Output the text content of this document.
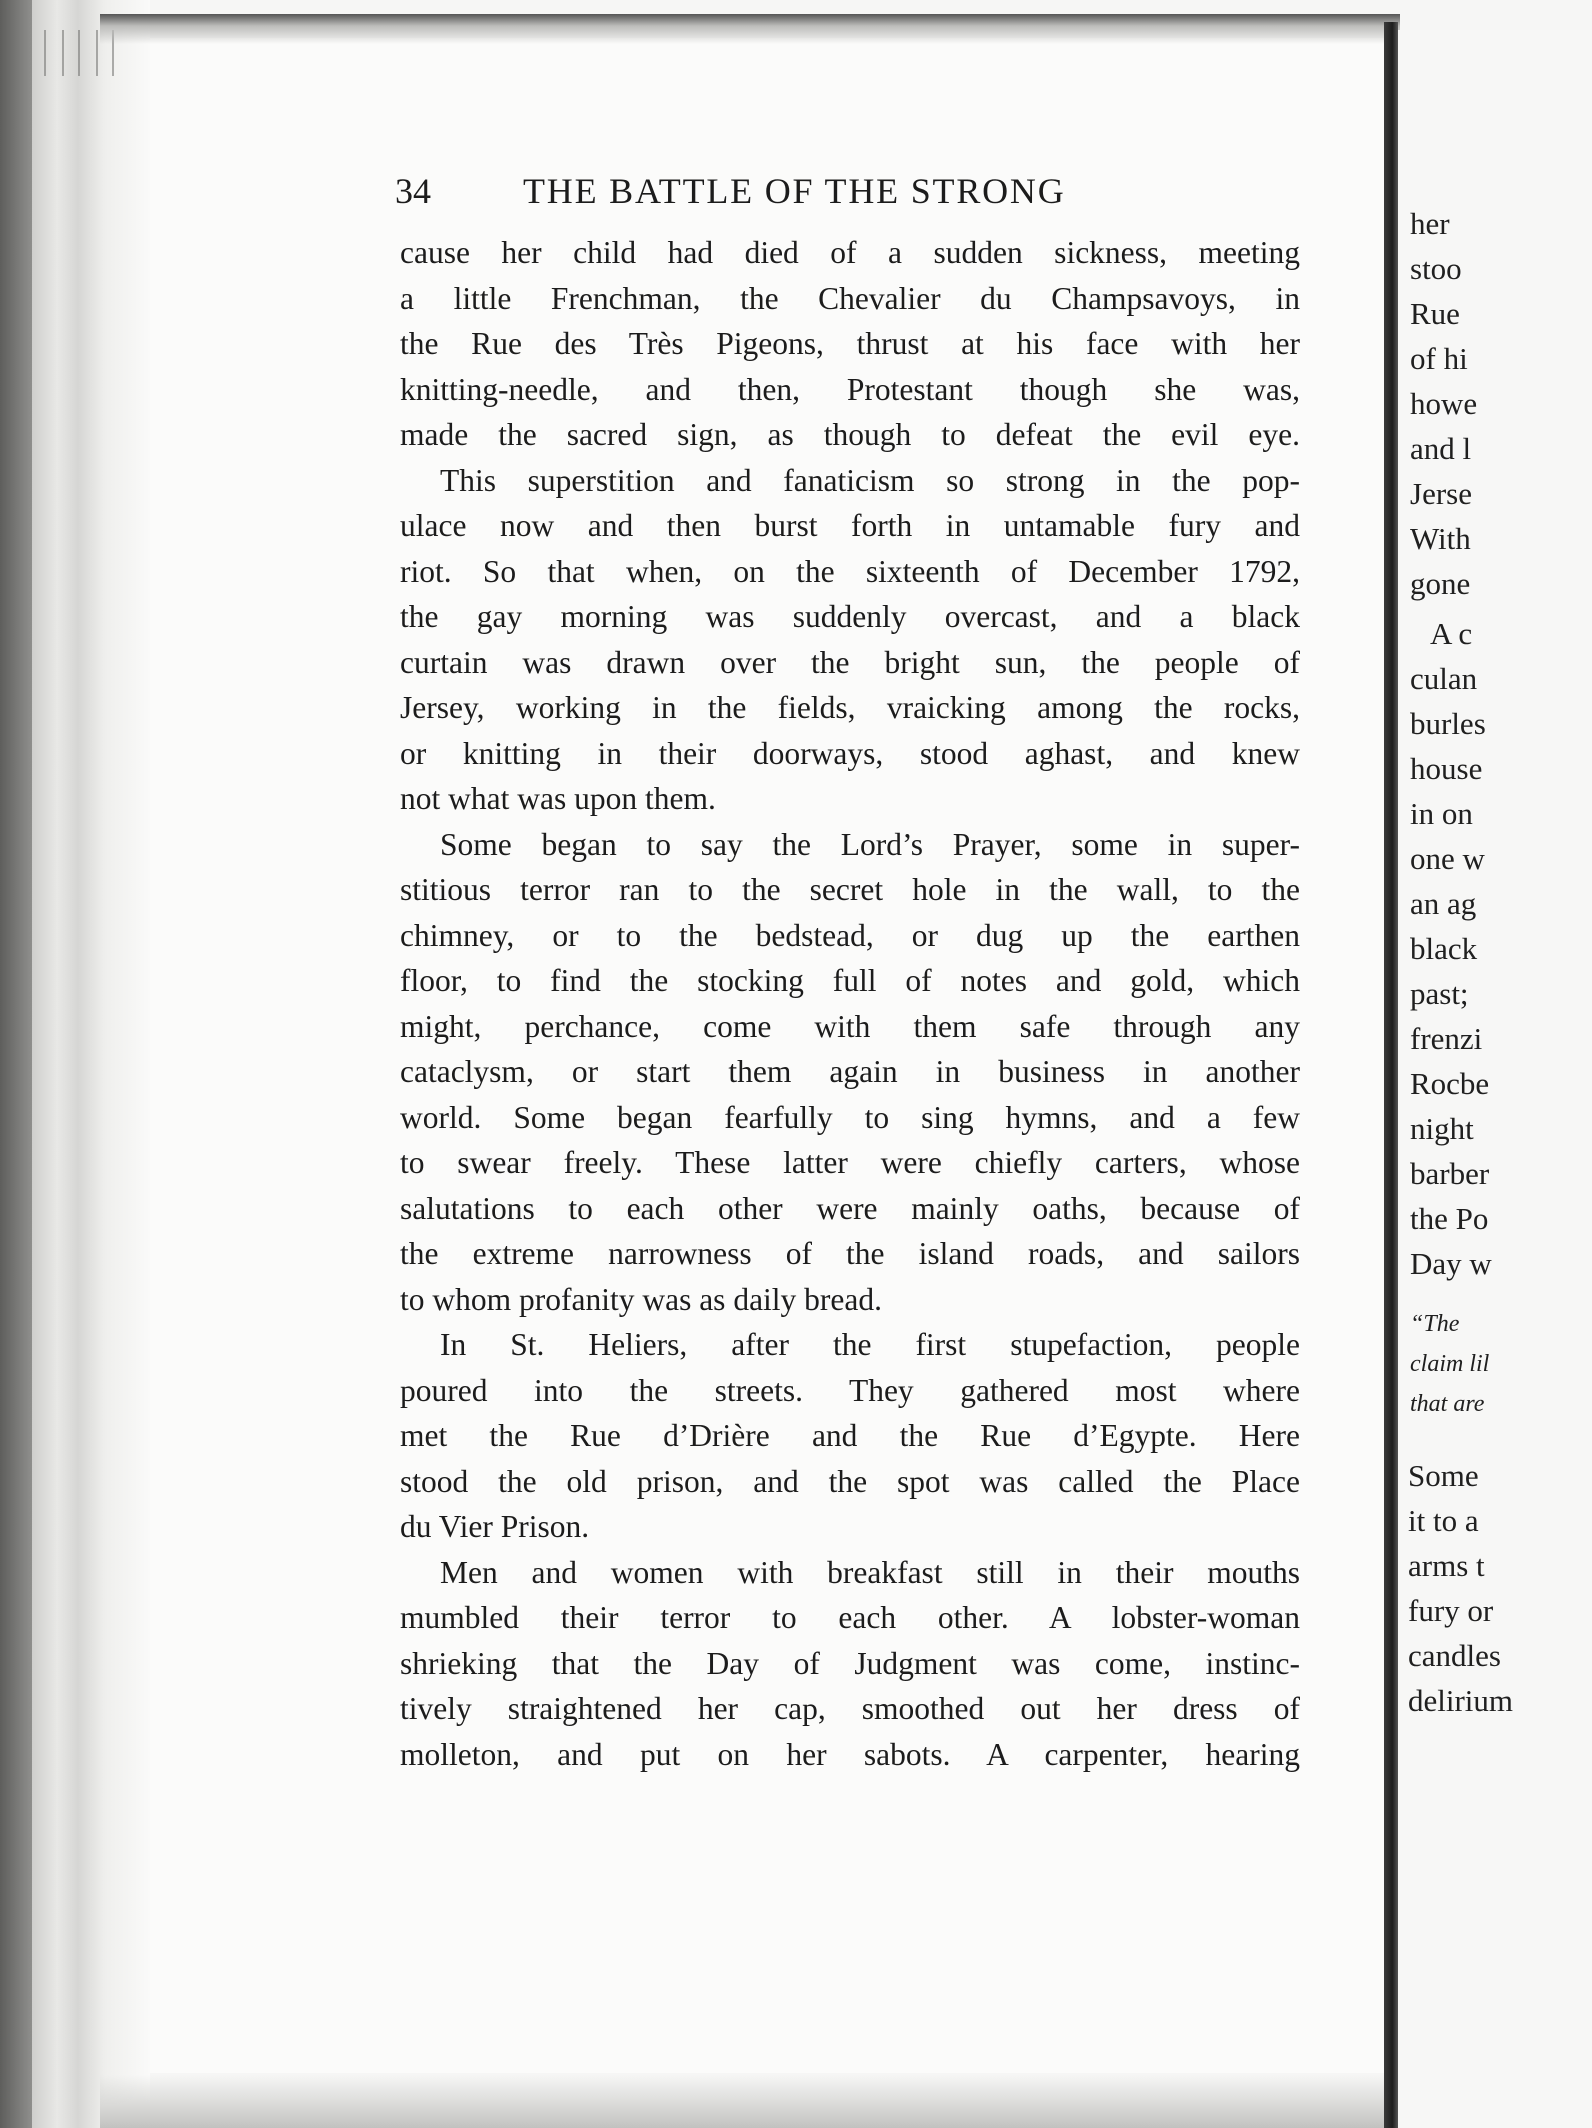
her
stoo
Rue
of hi
howe
and l
Jerse
With
gone
A c
culan
burles
house
in on
one w
an ag
black
past;
frenzi
Rocbe
night
barber
the Po
Day w
“The
claim lil
that are
Some
it to a
arms t
fury or
candles
delirium
34	THE BATTLE OF THE STRONG
cause her child had died of a sudden sickness, meeting
a little Frenchman, the Chevalier du Champsavoys, in
the Rue des Très Pigeons, thrust at his face with her
knitting-needle, and then, Protestant though she was,
made the sacred sign, as though to defeat the evil eye.
This superstition and fanaticism so strong in the pop-
ulace now and then burst forth in untamable fury and
riot. So that when, on the sixteenth of December 1792,
the gay morning was suddenly overcast, and a black
curtain was drawn over the bright sun, the people of
Jersey, working in the fields, vraicking among the rocks,
or knitting in their doorways, stood aghast, and knew
not what was upon them.
Some began to say the Lord’s Prayer, some in super-
stitious terror ran to the secret hole in the wall, to the
chimney, or to the bedstead, or dug up the earthen
floor, to find the stocking full of notes and gold, which
might, perchance, come with them safe through any
cataclysm, or start them again in business in another
world. Some began fearfully to sing hymns, and a few
to swear freely. These latter were chiefly carters, whose
salutations to each other were mainly oaths, because of
the extreme narrowness of the island roads, and sailors
to whom profanity was as daily bread.
In St. Heliers, after the first stupefaction, people
poured into the streets. They gathered most where
met the Rue d’Drière and the Rue d’Egypte. Here
stood the old prison, and the spot was called the Place
du Vier Prison.
Men and women with breakfast still in their mouths
mumbled their terror to each other. A lobster-woman
shrieking that the Day of Judgment was come, instinc-
tively straightened her cap, smoothed out her dress of
molleton, and put on her sabots. A carpenter, hearing
